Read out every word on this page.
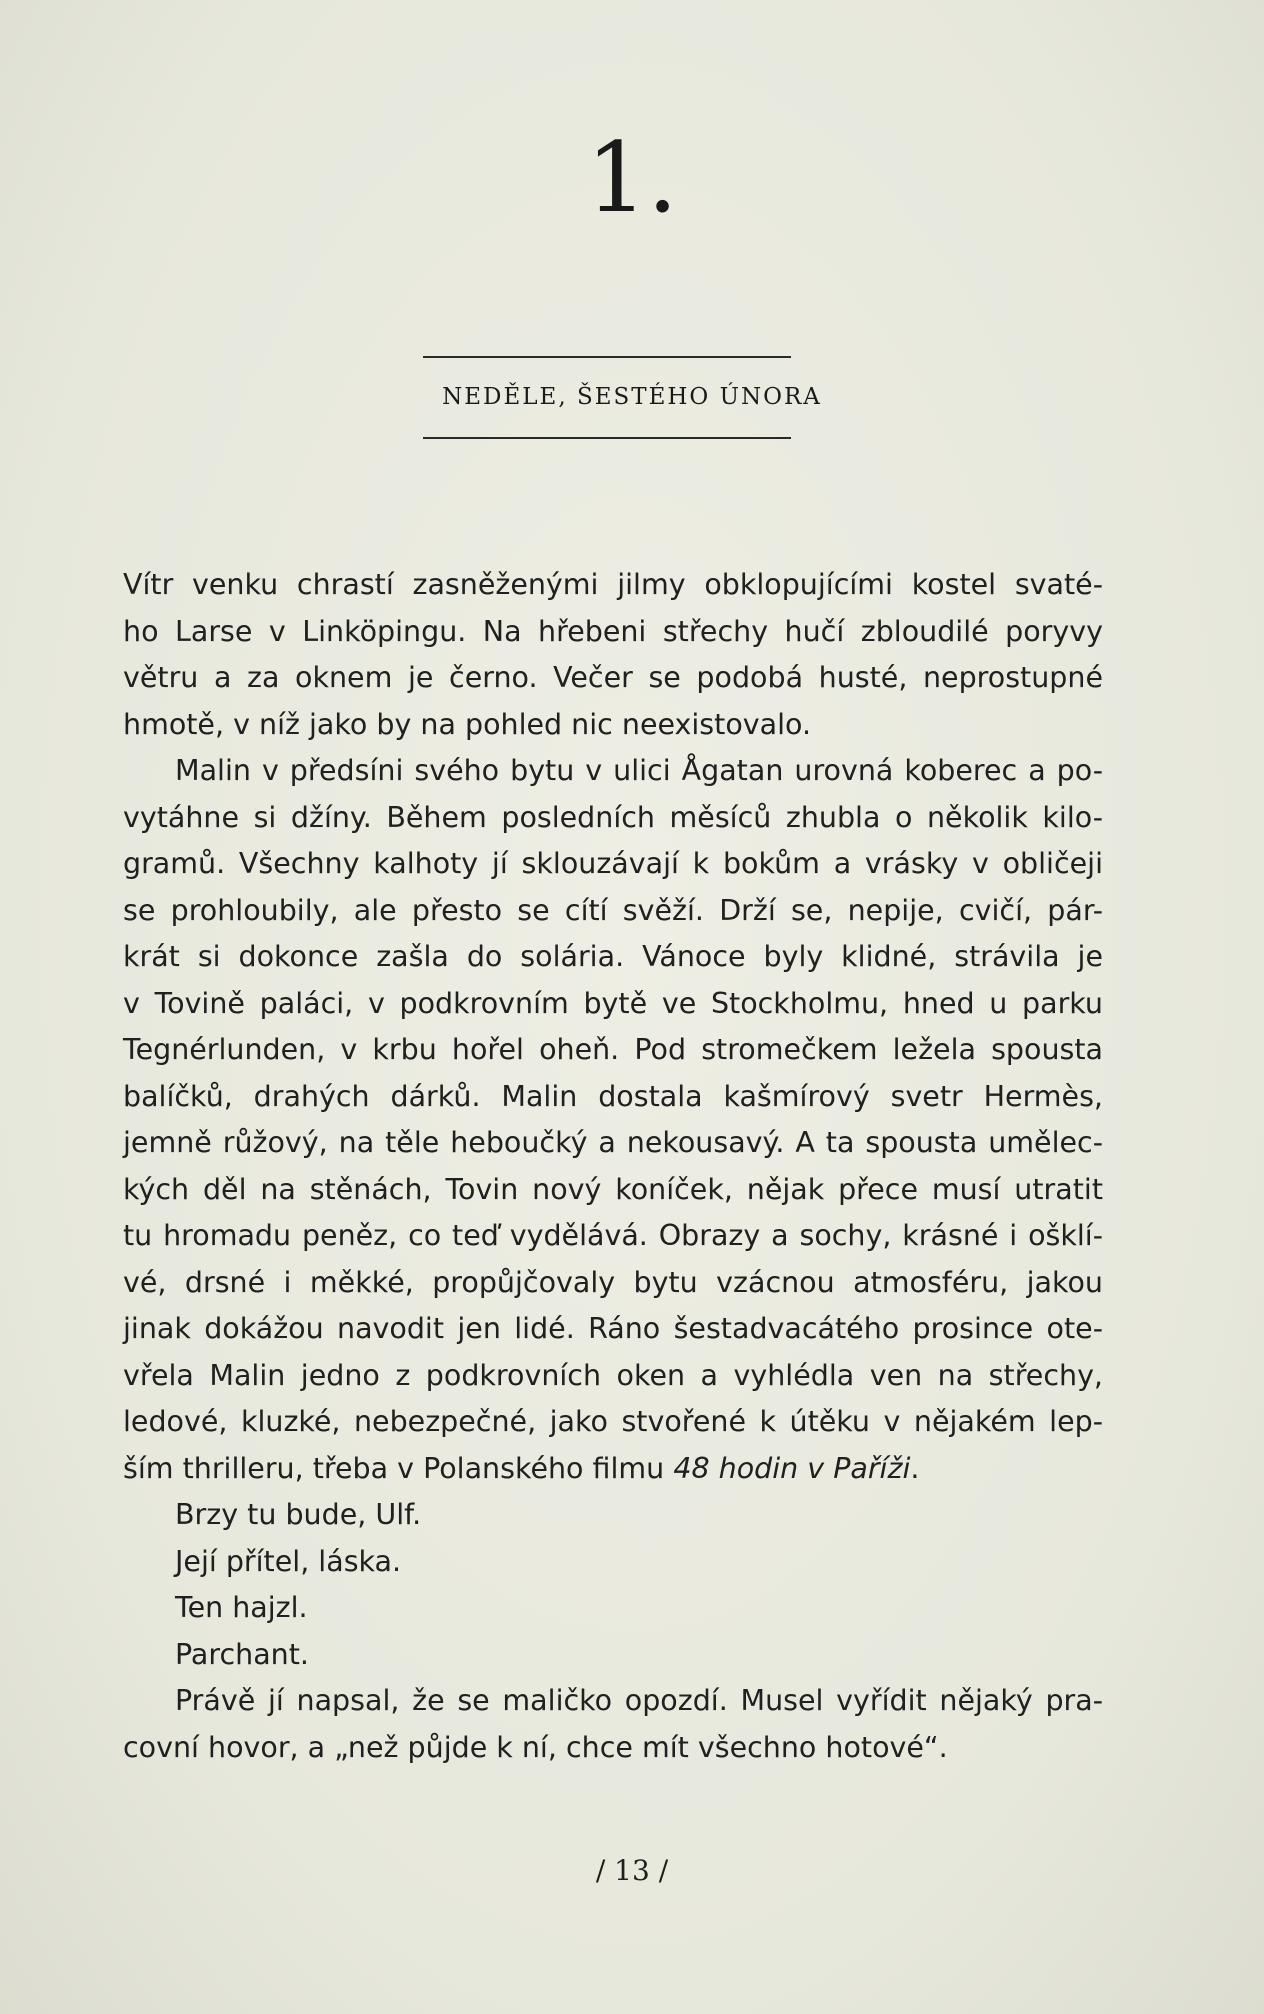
1.
NEDĚLE, ŠESTÉHO ÚNORA
Vítr venku chrastí zasněženými jilmy obklopujícími kostel svaté-
ho Larse v Linköpingu. Na hřebeni střechy hučí zbloudilé poryvy
větru a za oknem je černo. Večer se podobá husté, neprostupné
hmotě, v níž jako by na pohled nic neexistovalo.
Malin v předsíni svého bytu v ulici Ågatan urovná koberec a po-
vytáhne si džíny. Během posledních měsíců zhubla o několik kilo-
gramů. Všechny kalhoty jí sklouzávají k bokům a vrásky v obličeji
se prohloubily, ale přesto se cítí svěží. Drží se, nepije, cvičí, pár-
krát si dokonce zašla do solária. Vánoce byly klidné, strávila je
v Tovině paláci, v podkrovním bytě ve Stockholmu, hned u parku
Tegnérlunden, v krbu hořel oheň. Pod stromečkem ležela spousta
balíčků, drahých dárků. Malin dostala kašmírový svetr Hermès,
jemně růžový, na těle heboučký a nekousavý. A ta spousta umělec-
kých děl na stěnách, Tovin nový koníček, nějak přece musí utratit
tu hromadu peněz, co teď vydělává. Obrazy a sochy, krásné i ošklí-
vé, drsné i měkké, propůjčovaly bytu vzácnou atmosféru, jakou
jinak dokážou navodit jen lidé. Ráno šestadvacátého prosince ote-
vřela Malin jedno z podkrovních oken a vyhlédla ven na střechy,
ledové, kluzké, nebezpečné, jako stvořené k útěku v nějakém lep-
ším thrilleru, třeba v Polanského filmu 48 hodin v Paříži.
Brzy tu bude, Ulf.
Její přítel, láska.
Ten hajzl.
Parchant.
Právě jí napsal, že se maličko opozdí. Musel vyřídit nějaký pra-
covní hovor, a „než půjde k ní, chce mít všechno hotové“.
/ 13 /
